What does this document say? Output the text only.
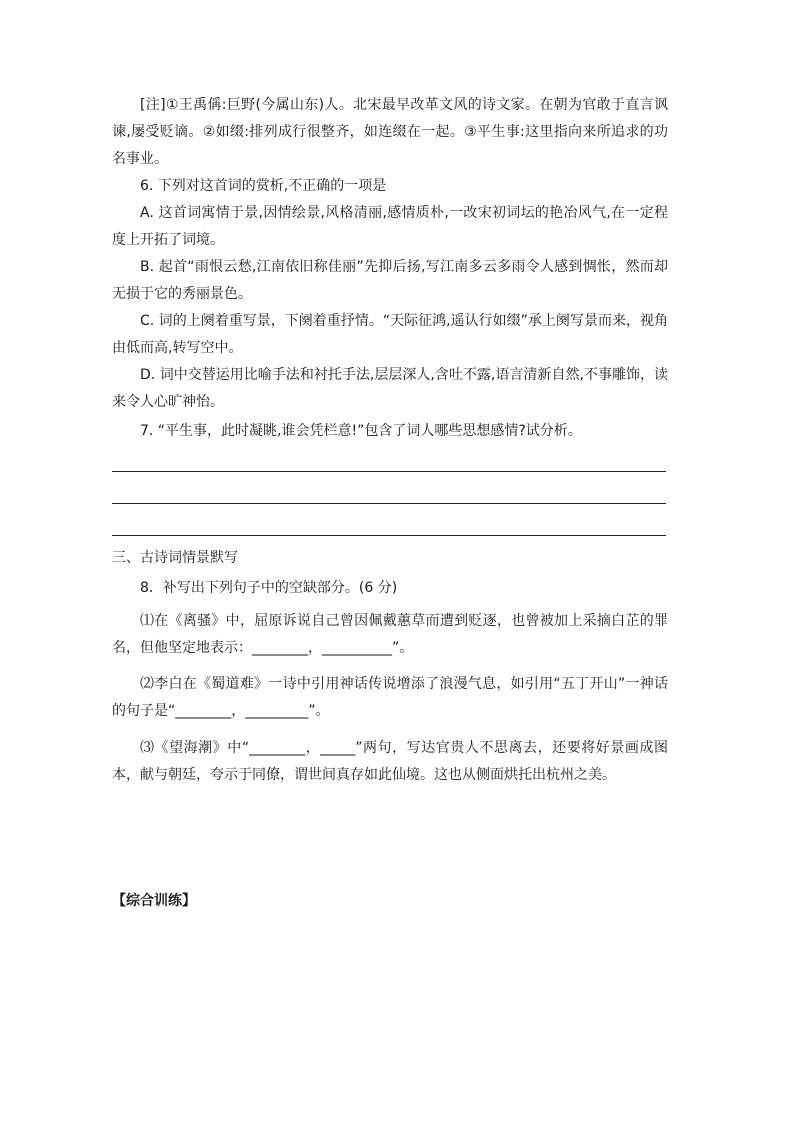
[注]①王禹偁:巨野(今属山东)人。北宋最早改革文风的诗文家。在朝为官敢于直言讽谏,屡受贬谪。②如缀:排列成行很整齐，如连缀在一起。③平生事:这里指向来所追求的功名事业。

6. 下列对这首词的赏析,不正确的一项是

A. 这首词寓情于景,因情绘景,风格清丽,感情质朴,一改宋初词坛的艳冶风气,在一定程度上开拓了词境。

B. 起首“雨恨云愁,江南依旧称佳丽”先抑后扬,写江南多云多雨令人感到惆怅，然而却无损于它的秀丽景色。

C. 词的上阕着重写景，下阕着重抒情。“天际征鸿,遥认行如缀”承上阕写景而来，视角由低而高,转写空中。

D. 词中交替运用比喻手法和衬托手法,层层深人,含吐不露,语言清新自然,不事雕饰，读来令人心旷神怡。

7. “平生事，此时凝眺,谁会凭栏意!”包含了词人哪些思想感情?试分析。

三、古诗词情景默写

8．补写出下列句子中的空缺部分。(6 分)

⑴在《离骚》中，屈原诉说自己曾因佩戴蕙草而遭到贬逐，也曾被加上采摘白芷的罪名，但他坚定地表示：________，__________”。

⑵李白在《蜀道难》一诗中引用神话传说增添了浪漫气息，如引用“五丁开山”一神话的句子是“________，_________”。

⑶《望海潮》中“________，_____”两句，写达官贵人不思离去，还要将好景画成图本，献与朝廷，夸示于同僚，谓世间真存如此仙境。这也从侧面烘托出杭州之美。

【综合训练】
